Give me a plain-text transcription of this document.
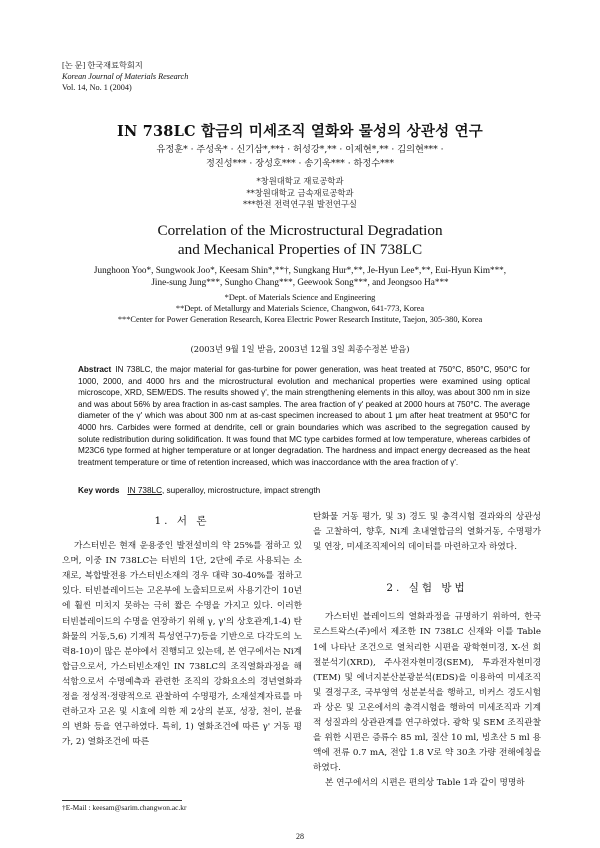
[논 문] 한국재료학회지
Korean Journal of Materials Research
Vol. 14, No. 1 (2004)
IN 738LC 합금의 미세조직 열화와 물성의 상관성 연구
유정훈* · 주성욱* · 신기삼*,**† · 허성강*,** · 이제현*,** · 김의현*** ·
정진성*** · 장성호*** · 송기욱*** · 하정수***
*창원대학교 재료공학과
**창원대학교 금속재료공학과
***한전 전력연구원 발전연구실
Correlation of the Microstructural Degradation
and Mechanical Properties of IN 738LC
Junghoon Yoo*, Sungwook Joo*, Keesam Shin*,**†, Sungkang Hur*,**, Je-Hyun Lee*,**, Eui-Hyun Kim***,
Jine-sung Jung***, Sungho Chang***, Geewook Song***, and Jeongsoo Ha***
*Dept. of Materials Science and Engineering
**Dept. of Metallurgy and Materials Science, Changwon, 641-773, Korea
***Center for Power Generation Research, Korea Electric Power Research Institute, Taejon, 305-380, Korea
(2003년 9월 1일 받음, 2003년 12월 3일 최종수정본 받음)
Abstract IN 738LC, the major material for gas-turbine for power generation, was heat treated at 750°C, 850°C, 950°C for 1000, 2000, and 4000 hrs and the microstructural evolution and mechanical properties were examined using optical microscope, XRD, SEM/EDS. The results showed γ', the main strengthening elements in this alloy, was about 300 nm in size and was about 56% by area fraction in as-cast samples. The area fraction of γ' peaked at 2000 hours at 750°C. The average diameter of the γ' which was about 300 nm at as-cast specimen increased to about 1 μm after heat treatment at 950°C for 4000 hrs. Carbides were formed at dendrite, cell or grain boundaries which was ascribed to the segregation caused by solute redistribution during solidification. It was found that MC type carbides formed at low temperature, whereas carbides of M23C6 type formed at higher temperature or at longer degradation. The hardness and impact energy decreased as the heat treatment temperature or time of retention increased, which was inaccordance with the area fraction of γ'.
Key words IN 738LC, superalloy, microstructure, impact strength
1. 서 론

가스터빈은 현재 운용중인 발전설비의 약 25%를 점하고 있으며, 이중 IN 738LC는 터빈의 1단, 2단에 주로 사용되는 소재로, 복합발전용 가스터빈소재의 경우 대략 30-40%를 점하고 있다. 터빈블레이드는 고온부에 노출되므로써 사용기간이 10년에 훨씬 미치지 못하는 극히 짧은 수명을 가지고 있다. 이러한 터빈블레이드의 수명을 연장하기 위해 γ, γ'의 상호관계,1-4) 탄화물의 거동,5,6) 기계적 특성연구7)등을 기반으로 다각도의 노력8-10)이 많은 분야에서 진행되고 있는데, 본 연구에서는 Ni계 합금으로서, 가스터빈소재인 IN 738LC의 조직열화과정을 해석함으로서 수명예측과 관련한 조직의 강화요소의 경년열화과정을 정성적·정량적으로 관찰하여 수명평가, 소재설계자료를 마련하고자 고온 및 시효에 의한 제 2상의 분포, 성장, 천이, 분율의 변화 등을 연구하였다. 특히, 1) 열화조건에 따른 γ' 거동 평가, 2) 열화조건에 따른

탄화물 거동 평가, 및 3) 경도 및 충격시험 결과와의 상관성을 고찰하여, 향후, Ni계 초내열합금의 열화거동, 수명평가 및 연장, 미세조직제어의 데이터를 마련하고자 하였다.

2. 실험 방법

가스터빈 블레이드의 열화과정을 규명하기 위하여, 한국 로스트왁스(주)에서 제조한 IN 738LC 신재와 이를 Table 1에 나타난 조건으로 열처리한 시편을 광학현미경, X-선 회절분석기(XRD), 주사전자현미경(SEM), 투과전자현미경(TEM) 및 에너지분산분광분석(EDS)을 이용하여 미세조직 및 결정구조, 국부영역 성분분석을 행하고, 비커스 경도시험과 상온 및 고온에서의 충격시험을 행하여 미세조직과 기계적 성질과의 상관관계를 연구하였다. 광학 및 SEM 조직관찰을 위한 시편은 증류수 85 ml, 질산 10 ml, 빙초산 5 ml 용액에 전류 0.7 mA, 전압 1.8 V로 약 30초 가량 전해에칭을 하였다.

본 연구에서의 시편은 편의상 Table 1과 같이 명명하

†E-Mail : keesam@sarim.changwon.ac.kr
28
